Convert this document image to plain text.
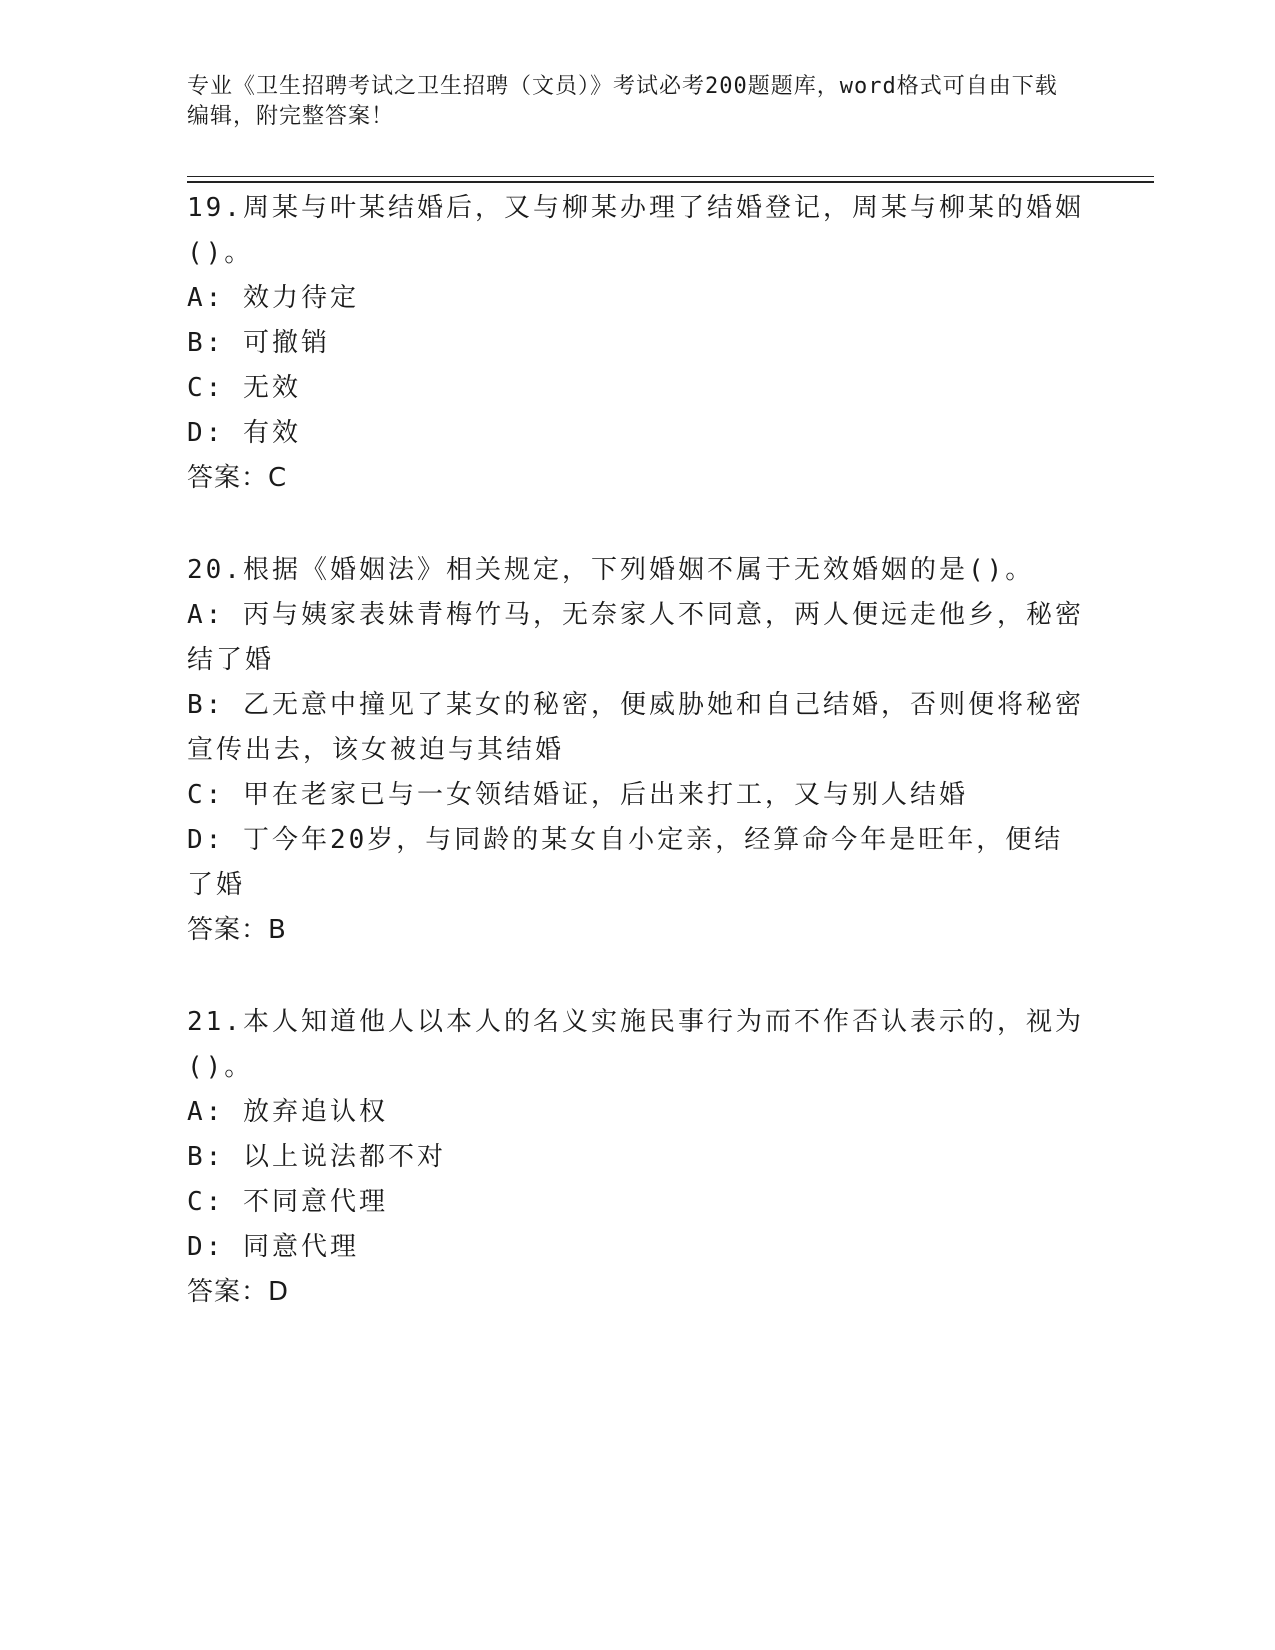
专业《卫生招聘考试之卫生招聘（文员）》考试必考200题题库，word格式可自由下载编辑，附完整答案！

19.周某与叶某结婚后，又与柳某办理了结婚登记，周某与柳某的婚姻()。

A: 效力待定

B: 可撤销

C: 无效

D: 有效

答案：C

20.根据《婚姻法》相关规定，下列婚姻不属于无效婚姻的是()。

A: 丙与姨家表妹青梅竹马，无奈家人不同意，两人便远走他乡，秘密结了婚

B: 乙无意中撞见了某女的秘密，便威胁她和自己结婚，否则便将秘密宣传出去，该女被迫与其结婚

C: 甲在老家已与一女领结婚证，后出来打工，又与别人结婚

D: 丁今年20岁，与同龄的某女自小定亲，经算命今年是旺年，便结了婚

答案：B

21.本人知道他人以本人的名义实施民事行为而不作否认表示的，视为()。

A: 放弃追认权

B: 以上说法都不对

C: 不同意代理

D: 同意代理

答案：D
